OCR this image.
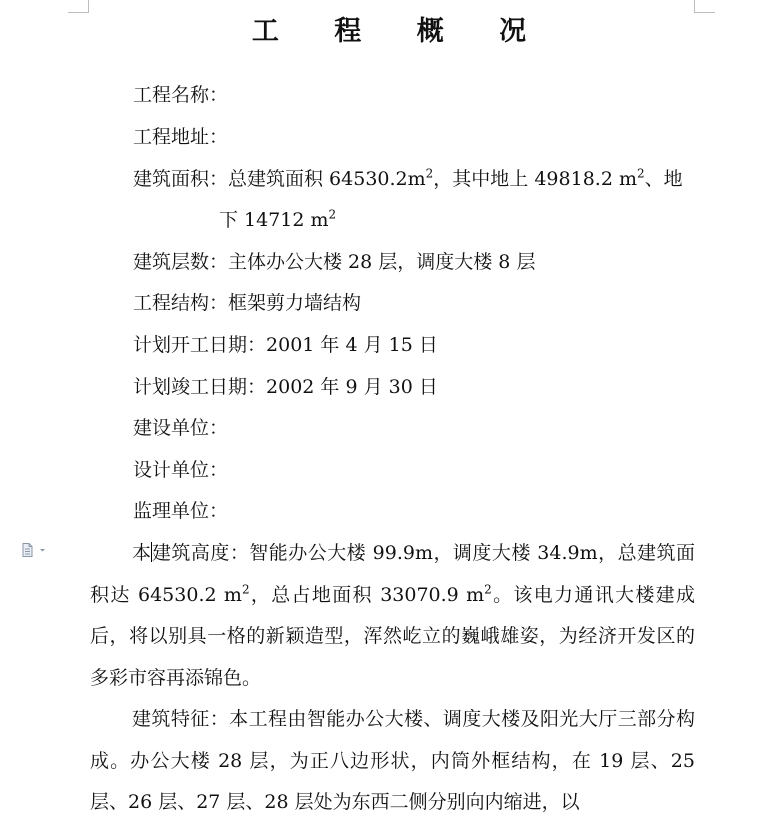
工 程 概 况
工程名称：
工程地址：
建筑面积：总建筑面积 $64530.2m^2$，其中地上 49818.2 $m^2$、地
下 14712 $m^2$
建筑层数：主体办公大楼 28 层，调度大楼 8 层
工程结构：框架剪力墙结构
计划开工日期：2001 年 4 月 15 日
计划竣工日期：2002 年 9 月 30 日
建设单位：
设计单位：
监理单位：
本建筑高度：智能办公大楼 99.9m，调度大楼 34.9m，总建筑面积达 64530.2 $m^2$，总占地面积 33070.9 $m^2$。该电力通讯大楼建成后，将以别具一格的新颖造型，浑然屹立的巍峨雄姿，为经济开发区的多彩市容再添锦色。
建筑特征：本工程由智能办公大楼、调度大楼及阳光大厅三部分构成。办公大楼 28 层，为正八边形状，内筒外框结构，在 19 层、25 层、26 层、27 层、28 层处为东西二侧分别向内缩进，以
